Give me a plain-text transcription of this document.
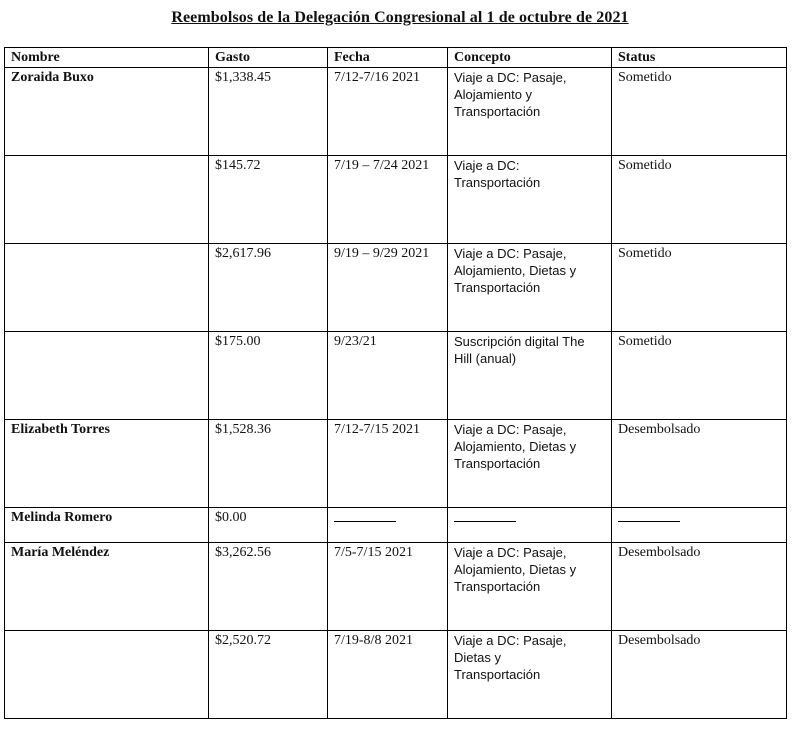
Reembolsos de la Delegación Congresional al 1 de octubre de 2021
Nombre	Gasto	Fecha	Concepto	Status
Zoraida Buxo	$1,338.45	7/12-7/16 2021	Viaje a DC: Pasaje,
Alojamiento y
Transportación	Sometido
	$145.72	7/19 – 7/24 2021	Viaje a DC:
Transportación	Sometido
	$2,617.96	9/19 – 9/29 2021	Viaje a DC: Pasaje,
Alojamiento, Dietas y
Transportación	Sometido
	$175.00	9/23/21	Suscripción digital The
Hill (anual)	Sometido
Elizabeth Torres	$1,528.36	7/12-7/15 2021	Viaje a DC: Pasaje,
Alojamiento, Dietas y
Transportación	Desembolsado
Melinda Romero	$0.00			
María Meléndez	$3,262.56	7/5-7/15 2021	Viaje a DC: Pasaje,
Alojamiento, Dietas y
Transportación	Desembolsado
	$2,520.72	7/19-8/8 2021	Viaje a DC: Pasaje,
Dietas y
Transportación	Desembolsado
